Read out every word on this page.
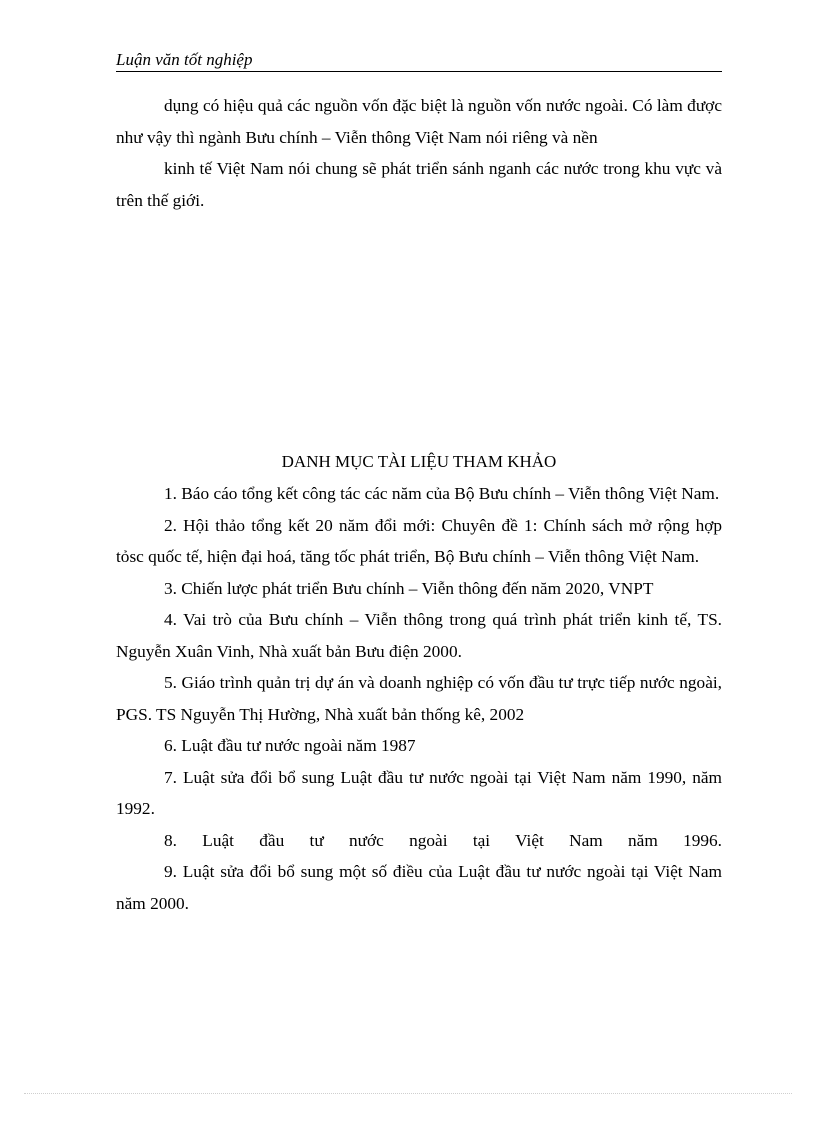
Luận văn tốt nghiệp

dụng có hiệu quả các nguồn vốn đặc biệt là nguồn vốn nước ngoài. Có làm được như vậy thì ngành Bưu chính – Viễn thông Việt Nam nói riêng và nền

kinh tế Việt Nam nói chung sẽ phát triển sánh nganh các nước trong khu vực và trên thế giới.

DANH MỤC TÀI LIỆU THAM KHẢO

1. Báo cáo tổng kết công tác các năm của Bộ Bưu chính – Viễn thông Việt Nam.

2. Hội thảo tổng kết 20 năm đổi mới: Chuyên đề 1: Chính sách mở rộng hợp tỏsc quốc tế, hiện đại hoá, tăng tốc phát triển, Bộ Bưu chính – Viễn thông Việt Nam.

3. Chiến lược phát triển Bưu chính – Viễn thông đến năm 2020, VNPT

4. Vai trò của Bưu chính – Viễn thông trong quá trình phát triển kinh tế, TS. Nguyễn Xuân Vinh, Nhà xuất bản Bưu điện 2000.

5. Giáo trình quản trị dự án và doanh nghiệp có vốn đầu tư trực tiếp nước ngoài, PGS. TS Nguyễn Thị Hường, Nhà xuất bản thống kê, 2002

6. Luật đầu tư nước ngoài năm 1987

7. Luật sửa đổi bổ sung Luật đầu tư nước ngoài tại Việt Nam năm 1990, năm 1992.

8. Luật đầu tư nước ngoài tại Việt Nam năm 1996.

9. Luật sửa đổi bổ sung một số điều của Luật đầu tư nước ngoài tại Việt Nam năm 2000.
